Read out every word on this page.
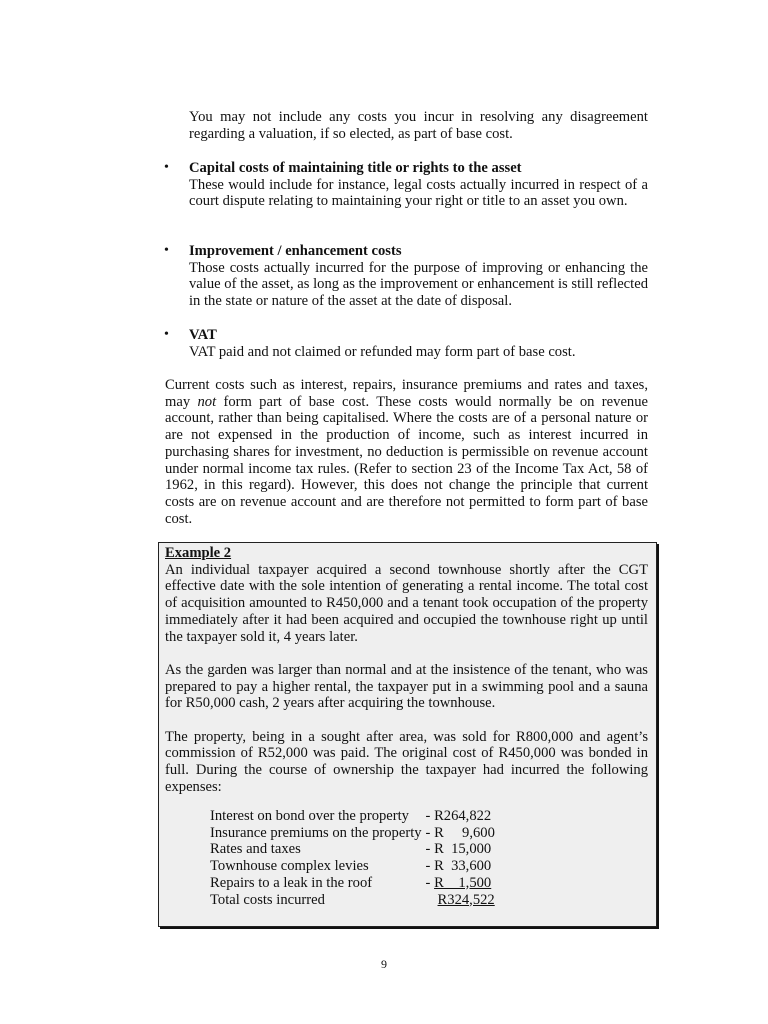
You may not include any costs you incur in resolving any disagreement regarding a valuation, if so elected, as part of base cost.
• Capital costs of maintaining title or rights to the asset
These would include for instance, legal costs actually incurred in respect of a court dispute relating to maintaining your right or title to an asset you own.
• Improvement / enhancement costs
Those costs actually incurred for the purpose of improving or enhancing the value of the asset, as long as the improvement or enhancement is still reflected in the state or nature of the asset at the date of disposal.
• VAT
VAT paid and not claimed or refunded may form part of base cost.
Current costs such as interest, repairs, insurance premiums and rates and taxes, may not form part of base cost. These costs would normally be on revenue account, rather than being capitalised. Where the costs are of a personal nature or are not expensed in the production of income, such as interest incurred in purchasing shares for investment, no deduction is permissible on revenue account under normal income tax rules. (Refer to section 23 of the Income Tax Act, 58 of 1962, in this regard). However, this does not change the principle that current costs are on revenue account and are therefore not permitted to form part of base cost.
Example 2
An individual taxpayer acquired a second townhouse shortly after the CGT effective date with the sole intention of generating a rental income. The total cost of acquisition amounted to R450,000 and a tenant took occupation of the property immediately after it had been acquired and occupied the townhouse right up until the taxpayer sold it, 4 years later.
As the garden was larger than normal and at the insistence of the tenant, who was prepared to pay a higher rental, the taxpayer put in a swimming pool and a sauna for R50,000 cash, 2 years after acquiring the townhouse.
The property, being in a sought after area, was sold for R800,000 and agent’s commission of R52,000 was paid. The original cost of R450,000 was bonded in full. During the course of ownership the taxpayer had incurred the following expenses:
Interest on bond over the property	- R264,822
Insurance premiums on the property	- R     9,600
Rates and taxes	- R  15,000
Townhouse complex levies	- R  33,600
Repairs to a leak in the roof	- R    1,500
Total costs incurred	R324,522
9
